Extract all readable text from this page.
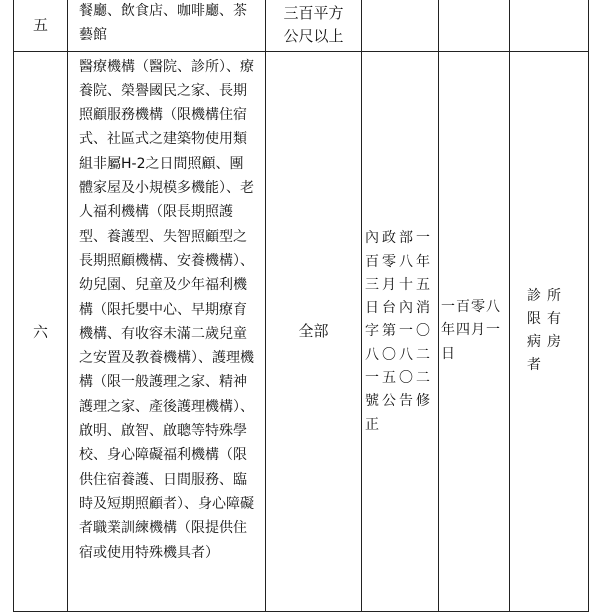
五	餐廳、飲食店、咖啡廳、茶藝館	三百平方公尺以上			

六	醫療機構（醫院、診所）、療養院、榮譽國民之家、長期照顧服務機構（限機構住宿式、社區式之建築物使用類組非屬H-2之日間照顧、團體家屋及小規模多機能）、老人福利機構（限長期照護型、養護型、失智照顧型之長期照顧機構、安養機構）、幼兒園、兒童及少年福利機構（限托嬰中心、早期療育機構、有收容未滿二歲兒童之安置及教養機構）、護理機構（限一般護理之家、精神護理之家、產後護理機構）、啟明、啟智、啟聰等特殊學校、身心障礙福利機構（限供住宿養護、日間服務、臨時及短期照顧者）、身心障礙者職業訓練機構（限提供住宿或使用特殊機具者）	全部	內政部一百零八年三月十五日台內消字第一〇八〇八二一五〇二號公告修正	一百零八年四月一日	診所限有病房者
